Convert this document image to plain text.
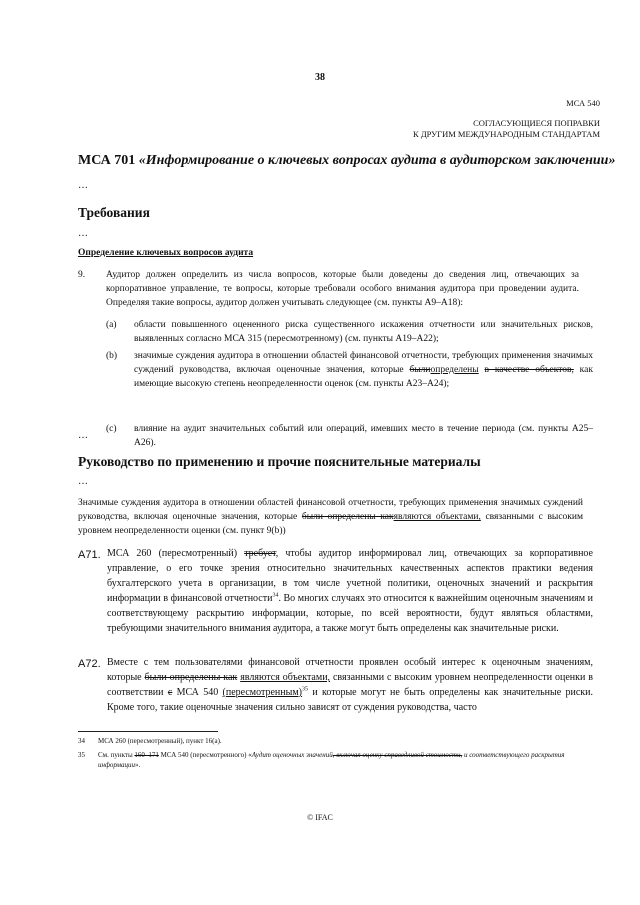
38
МСА 540
СОГЛАСУЮЩИЕСЯ ПОПРАВКИ
К ДРУГИМ МЕЖДУНАРОДНЫМ СТАНДАРТАМ
МСА 701 «Информирование о ключевых вопросах аудита в аудиторском заключении»
…
Требования
…
Определение ключевых вопросов аудита
9. Аудитор должен определить из числа вопросов, которые были доведены до сведения лиц, отвечающих за корпоративное управление, те вопросы, которые требовали особого внимания аудитора при проведении аудита. Определяя такие вопросы, аудитор должен учитывать следующее (см. пункты А9–А18):
(a) области повышенного оцененного риска существенного искажения отчетности или значительных рисков, выявленных согласно МСА 315 (пересмотренному) (см. пункты А19–А22);
(b) значимые суждения аудитора в отношении областей финансовой отчетности, требующих применения значимых суждений руководства, включая оценочные значения, которые былиопределены в качестве объектов, как имеющие высокую степень неопределенности оценок (см. пункты А23–А24);
(c) влияние на аудит значительных событий или операций, имевших место в течение периода (см. пункты А25–А26).
…
Руководство по применению и прочие пояснительные материалы
…
Значимые суждения аудитора в отношении областей финансовой отчетности, требующих применения значимых суждений руководства, включая оценочные значения, которые были определены какявляются объектами, связанными с высоким уровнем неопределенности оценки (см. пункт 9(b))
А71. МСА 260 (пересмотренный) требует, чтобы аудитор информировал лиц, отвечающих за корпоративное управление, о его точке зрения относительно значительных качественных аспектов практики ведения бухгалтерского учета в организации, в том числе учетной политики, оценочных значений и раскрытия информации в финансовой отчетности$^{34}$. Во многих случаях это относится к важнейшим оценочным значениям и соответствующему раскрытию информации, которые, по всей вероятности, будут являться областями, требующими значительного внимания аудитора, а также могут быть определены как значительные риски.
А72. Вместе с тем пользователями финансовой отчетности проявлен особый интерес к оценочным значениям, которые были определены как являются объектами, связанными с высоким уровнем неопределенности оценки в соответствии с МСА 540 (пересмотренным)$^{35}$ и которые могут не быть определены как значительные риски. Кроме того, такие оценочные значения сильно зависят от суждения руководства, часто
34 МСА 260 (пересмотренный), пункт 16(a).
35 См. пункты 160–171 МСА 540 (пересмотренного) «Аудит оценочных значений, включая оценку справедливой стоимости, и соответствующего раскрытия информации».
© IFAC
